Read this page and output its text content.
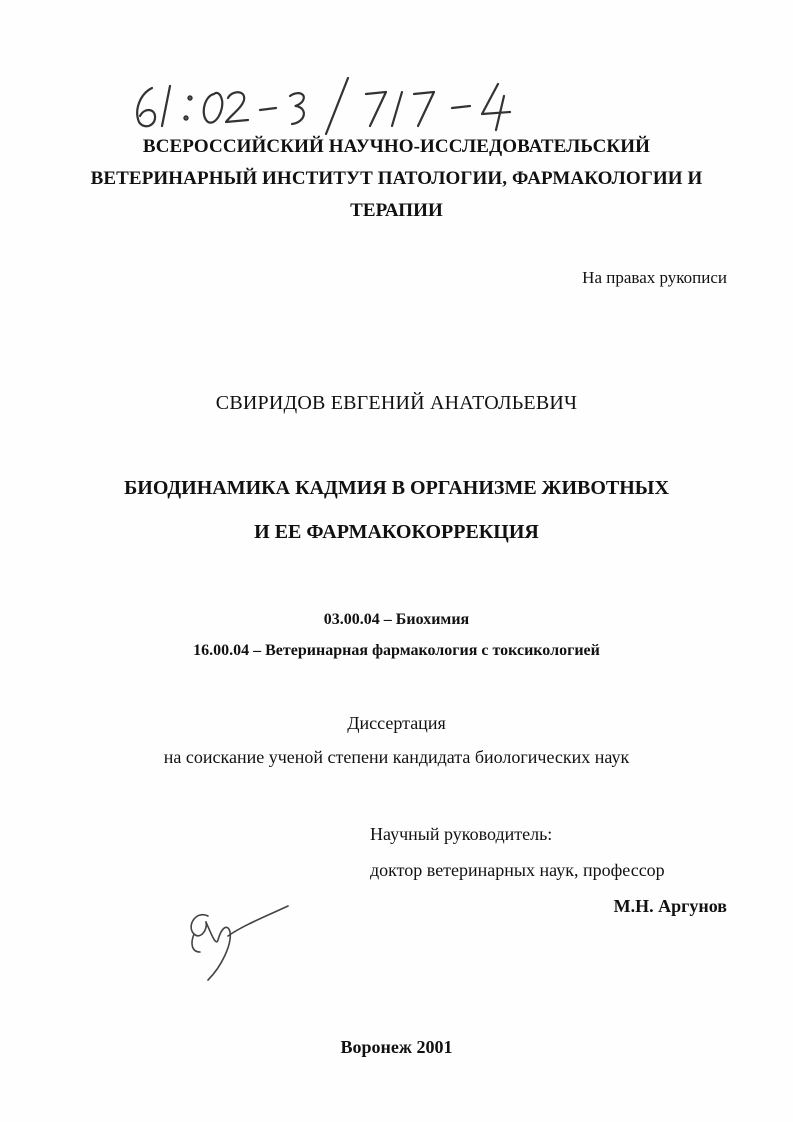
ВСЕРОССИЙСКИЙ НАУЧНО-ИССЛЕДОВАТЕЛЬСКИЙ
ВЕТЕРИНАРНЫЙ ИНСТИТУТ ПАТОЛОГИИ, ФАРМАКОЛОГИИ И
ТЕРАПИИ
На правах рукописи
СВИРИДОВ ЕВГЕНИЙ АНАТОЛЬЕВИЧ
БИОДИНАМИКА КАДМИЯ В ОРГАНИЗМЕ ЖИВОТНЫХ
И ЕЕ ФАРМАКОКОРРЕКЦИЯ
03.00.04 – Биохимия
16.00.04 – Ветеринарная фармакология с токсикологией
Диссертация
на соискание ученой степени кандидата биологических наук
Научный руководитель:
доктор ветеринарных наук, профессор
М.Н. Аргунов
Воронеж 2001
